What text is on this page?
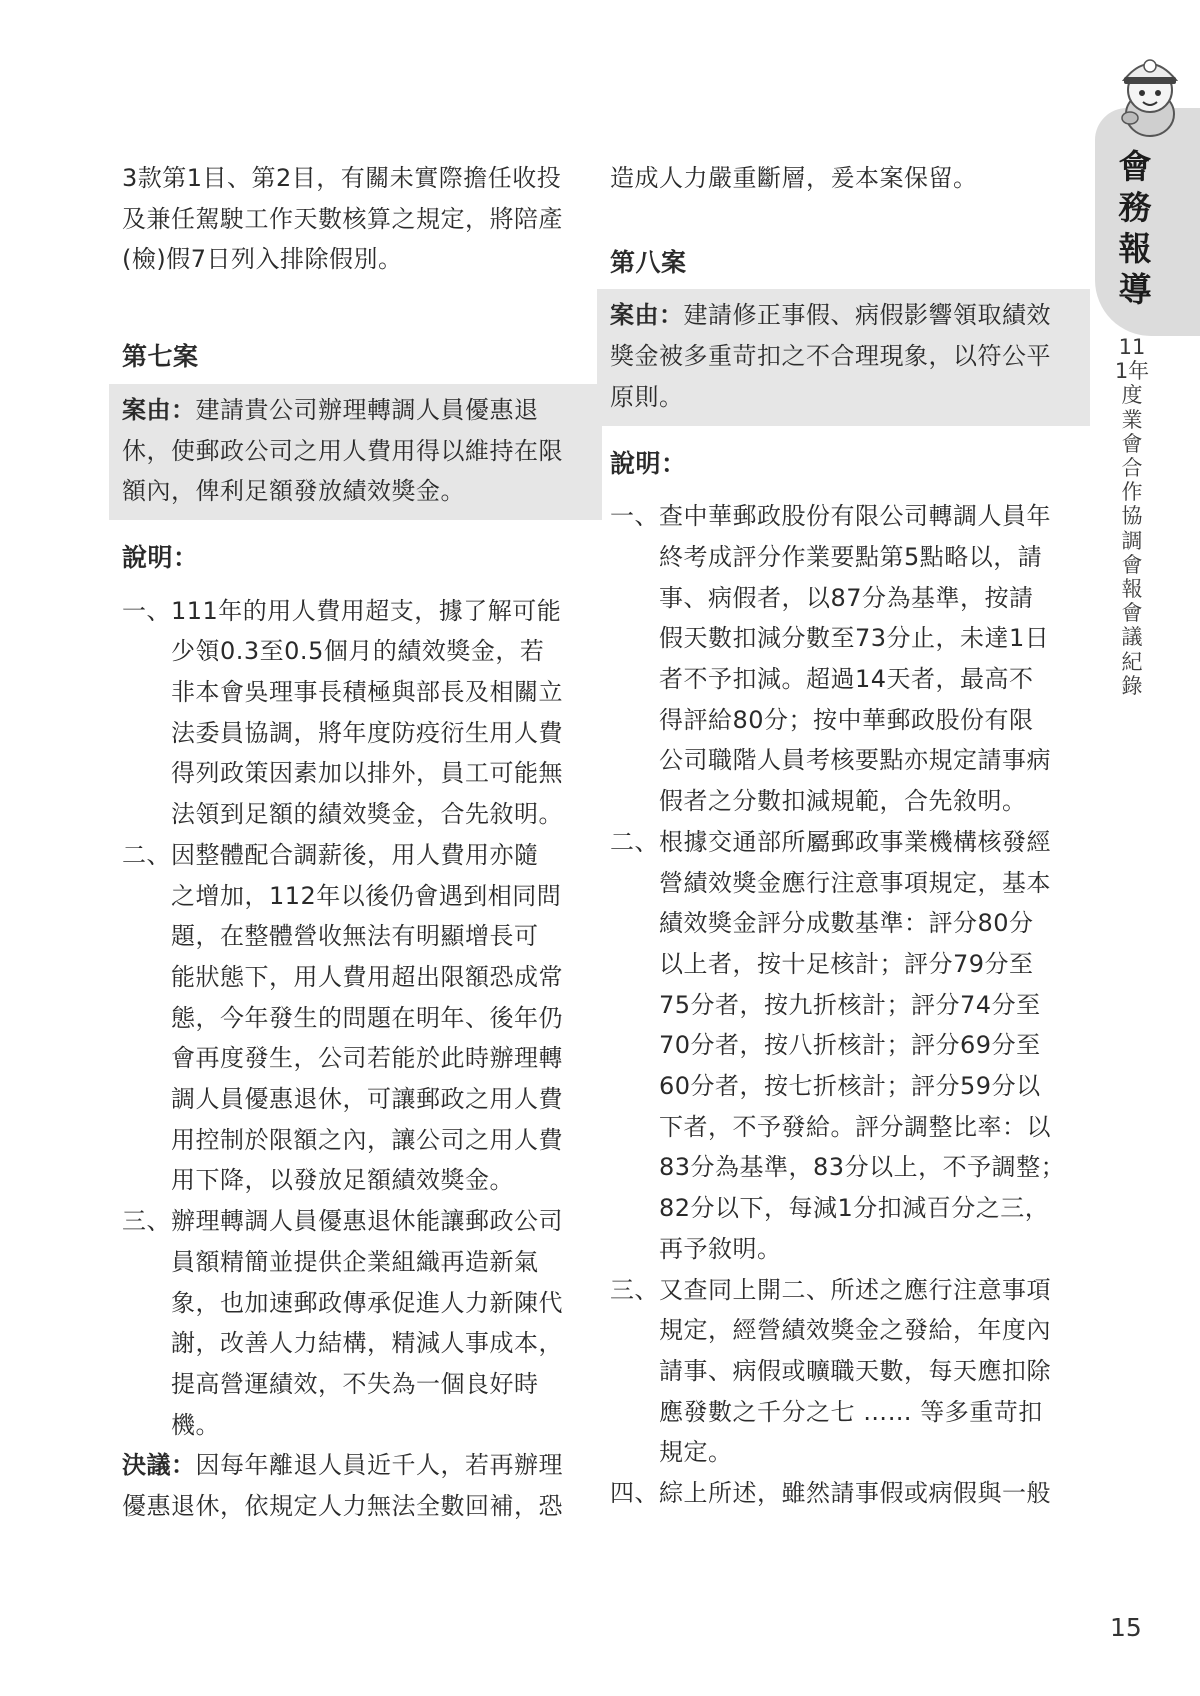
會務報導
111年度業會合作協調會報會議紀錄

3款第1目、第2目，有關未實際擔任收投

及兼任駕駛工作天數核算之規定，將陪產

(檢)假7日列入排除假別。

第七案

案由：建請貴公司辦理轉調人員優惠退

休，使郵政公司之用人費用得以維持在限

額內，俾利足額發放績效獎金。

說明：

一、 111年的用人費用超支，據了解可能

少領0.3至0.5個月的績效獎金，若

非本會吳理事長積極與部長及相關立

法委員協調，將年度防疫衍生用人費

得列政策因素加以排外，員工可能無

法領到足額的績效獎金，合先敘明。

二、 因整體配合調薪後，用人費用亦隨

之增加，112年以後仍會遇到相同問

題，在整體營收無法有明顯增長可

能狀態下，用人費用超出限額恐成常

態，今年發生的問題在明年、後年仍

會再度發生，公司若能於此時辦理轉

調人員優惠退休，可讓郵政之用人費

用控制於限額之內，讓公司之用人費

用下降，以發放足額績效獎金。

三、 辦理轉調人員優惠退休能讓郵政公司

員額精簡並提供企業組織再造新氣

象，也加速郵政傳承促進人力新陳代

謝，改善人力結構，精減人事成本，

提高營運績效，不失為一個良好時

機。

決議：因每年離退人員近千人，若再辦理

優惠退休，依規定人力無法全數回補，恐

造成人力嚴重斷層，爰本案保留。

第八案

案由：建請修正事假、病假影響領取績效

獎金被多重苛扣之不合理現象，以符公平

原則。

說明：

一、 查中華郵政股份有限公司轉調人員年

終考成評分作業要點第5點略以，請

事、病假者，以87分為基準，按請

假天數扣減分數至73分止，未達1日

者不予扣減。超過14天者，最高不

得評給80分；按中華郵政股份有限

公司職階人員考核要點亦規定請事病

假者之分數扣減規範，合先敘明。

二、 根據交通部所屬郵政事業機構核發經

營績效獎金應行注意事項規定，基本

績效獎金評分成數基準：評分80分

以上者，按十足核計；評分79分至

75分者，按九折核計；評分74分至

70分者，按八折核計；評分69分至

60分者，按七折核計；評分59分以

下者，不予發給。評分調整比率：以

83分為基準，83分以上，不予調整；

82分以下，每減1分扣減百分之三，

再予敘明。

三、 又查同上開二、所述之應行注意事項

規定，經營績效獎金之發給，年度內

請事、病假或曠職天數，每天應扣除

應發數之千分之七 …… 等多重苛扣

規定。

四、 綜上所述，雖然請事假或病假與一般

15
